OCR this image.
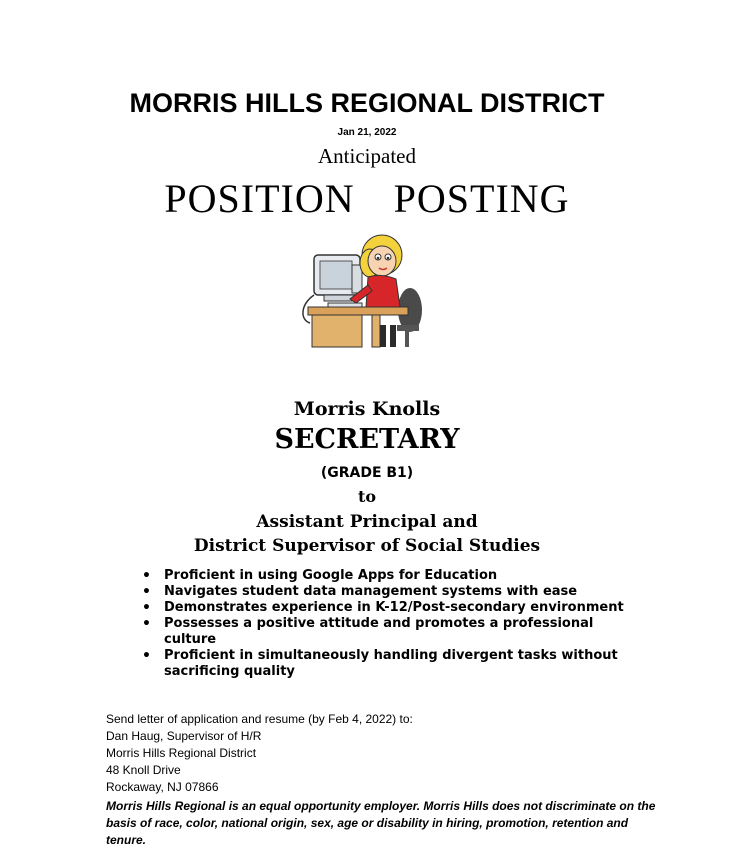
MORRIS HILLS REGIONAL DISTRICT
Jan 21, 2022
Anticipated
POSITION POSTING
Morris Knolls
SECRETARY
(GRADE B1)
to
Assistant Principal and
District Supervisor of Social Studies
• Proficient in using Google Apps for Education
• Navigates student data management systems with ease
• Demonstrates experience in K-12/Post-secondary environment
• Possesses a positive attitude and promotes a professional culture
• Proficient in simultaneously handling divergent tasks without sacrificing quality
Send letter of application and resume (by Feb 4, 2022) to:
Dan Haug, Supervisor of H/R
Morris Hills Regional District
48 Knoll Drive
Rockaway, NJ 07866
Morris Hills Regional is an equal opportunity employer. Morris Hills does not discriminate on the basis of race, color, national origin, sex, age or disability in hiring, promotion, retention and tenure.
